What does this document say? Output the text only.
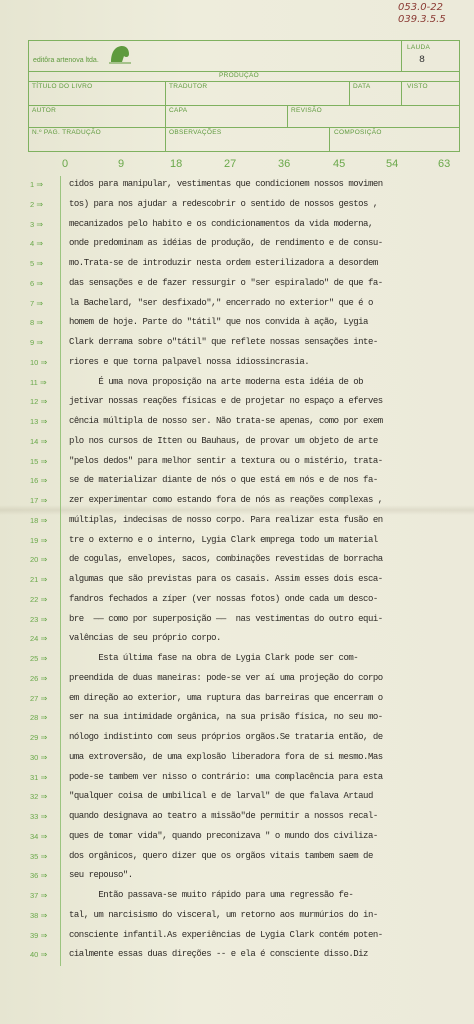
053.0-22
039.3.5.5
editôra artenova ltda.
LAUDA
8
PRODUÇÃO
TÍTULO DO LIVRO	TRADUTOR	DATA	VISTO
AUTOR	CAPA	REVISÃO
N.º PAG. TRADUÇÃO	OBSERVAÇÕES	COMPOSIÇÃO
0	9	18	27	36	45	54	63
1 ⇒
2 ⇒
3 ⇒
4 ⇒
5 ⇒
6 ⇒
7 ⇒
8 ⇒
9 ⇒
10 ⇒
11 ⇒
12 ⇒
13 ⇒
14 ⇒
15 ⇒
16 ⇒
17 ⇒
18 ⇒
19 ⇒
20 ⇒
21 ⇒
22 ⇒
23 ⇒
24 ⇒
25 ⇒
26 ⇒
27 ⇒
28 ⇒
29 ⇒
30 ⇒
31 ⇒
32 ⇒
33 ⇒
34 ⇒
35 ⇒
36 ⇒
37 ⇒
38 ⇒
39 ⇒
40 ⇒
cidos para manipular, vestimentas que condicionem nossos movimen
tos) para nos ajudar a redescobrir o sentido de nossos gestos ,
mecanizados pelo habito e os condicionamentos da vida moderna,
onde predominam as idéias de produção, de rendimento e de consu-
mo.Trata-se de introduzir nesta ordem esterilizadora a desordem
das sensações e de fazer ressurgir o "ser espiralado" de que fa-
la Bachelard, "ser desfixado"," encerrado no exterior" que é o
homem de hoje. Parte do "tátil" que nos convida à ação, Lygia
Clark derrama sobre o"tátil" que reflete nossas sensações inte-
riores e que torna palpavel nossa idiossincrasia.
É uma nova proposição na arte moderna esta idéia de ob
jetivar nossas reações físicas e de projetar no espaço a eferves
cência múltipla de nosso ser. Não trata-se apenas, como por exem
plo nos cursos de Itten ou Bauhaus, de provar um objeto de arte
"pelos dedos" para melhor sentir a textura ou o mistério, trata-
se de materializar diante de nós o que está em nós e de nos fa-
zer experimentar como estando fora de nós as reações complexas ,
múltiplas, indecisas de nosso corpo. Para realizar esta fusão en
tre o externo e o interno, Lygia Clark emprega todo um material
de cogulas, envelopes, sacos, combinações revestidas de borracha
algumas que são previstas para os casais. Assim esses dois esca-
fandros fechados a zíper (ver nossas fotos) onde cada um desco-
bre  —— como por superposição ——  nas vestimentas do outro equi-
valências de seu próprio corpo.
Esta última fase na obra de Lygia Clark pode ser com-
preendida de duas maneiras: pode-se ver aí uma projeção do corpo
em direção ao exterior, uma ruptura das barreiras que encerram o
ser na sua intimidade orgânica, na sua prisão física, no seu mo-
nólogo indistinto com seus próprios orgãos.Se trataria então, de
uma extroversão, de uma explosão liberadora fora de si mesmo.Mas
pode-se tambem ver nisso o contrário: uma complacência para esta
"qualquer coisa de umbilical e de larval" de que falava Artaud
quando designava ao teatro a missão"de permitir a nossos recal-
ques de tomar vida", quando preconizava " o mundo dos civiliza-
dos orgânicos, quero dizer que os orgãos vitais tambem saem de
seu repouso".
Então passava-se muito rápido para uma regressão fe-
tal, um narcisismo do visceral, um retorno aos murmúrios do in-
consciente infantil.As experiências de Lygia Clark contém poten-
cialmente essas duas direções -- e ela é consciente disso.Diz
